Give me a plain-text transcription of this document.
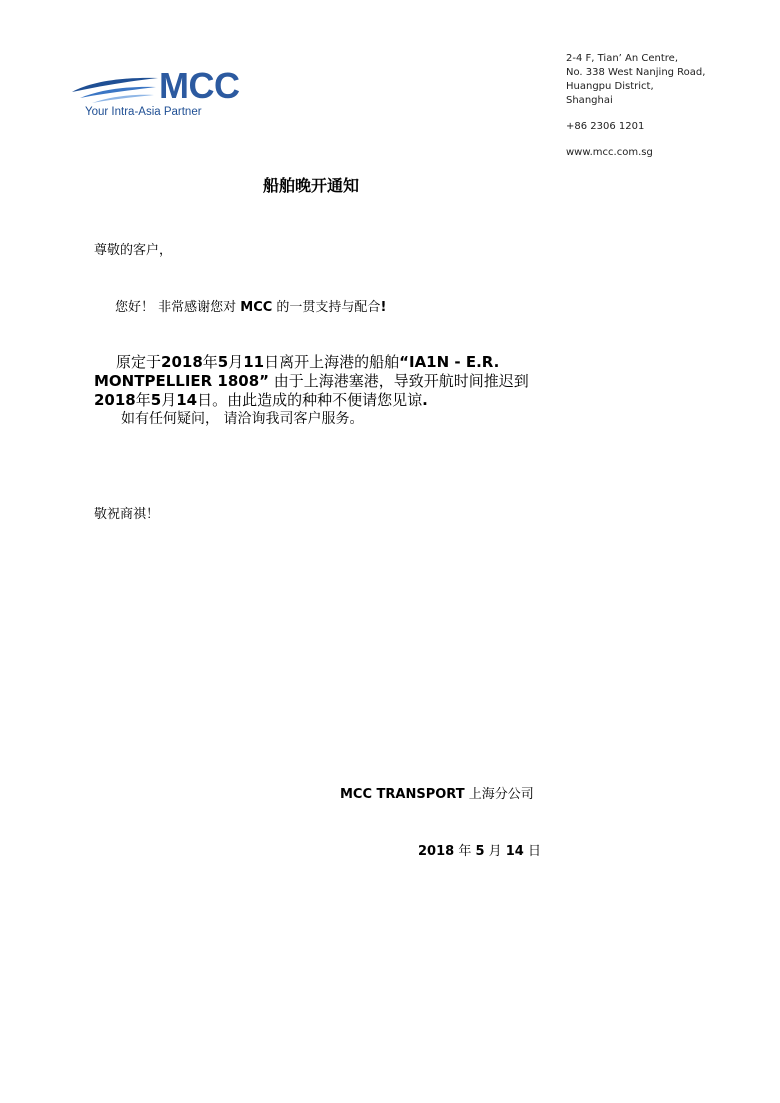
MCC
Your Intra-Asia Partner
2-4 F, Tian’ An Centre,
No. 338 West Nanjing Road,
Huangpu District,
Shanghai
+86 2306 1201
www.mcc.com.sg
船舶晚开通知
尊敬的客户，
您好！ 非常感谢您对 MCC 的一贯支持与配合!
原定于2018年5月11日离开上海港的船舶“IA1N - E.R.
MONTPELLIER 1808” 由于上海港塞港，导致开航时间推迟到
2018年5月14日。由此造成的种种不便请您见谅.
如有任何疑问， 请洽询我司客户服务。
敬祝商祺！
MCC TRANSPORT 上海分公司
2018 年 5 月 14 日
